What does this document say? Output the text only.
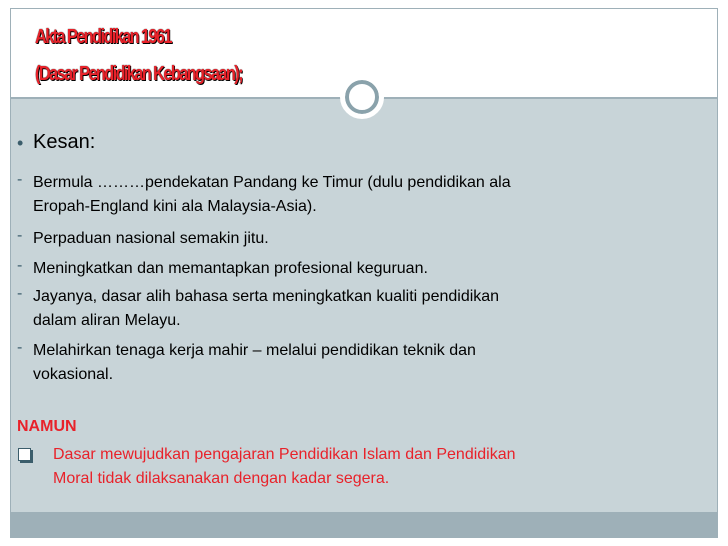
Akta Pendidikan 1961
(Dasar Pendidikan Kebangsaan);
• Kesan:
- Bermula ………pendekatan Pandang ke Timur (dulu pendidikan ala
Eropah-England kini ala Malaysia-Asia).
- Perpaduan nasional semakin jitu.
- Meningkatkan dan memantapkan profesional keguruan.
- Jayanya, dasar alih bahasa serta meningkatkan kualiti pendidikan
dalam aliran Melayu.
- Melahirkan tenaga kerja mahir – melalui pendidikan teknik dan
vokasional.
NAMUN
Dasar mewujudkan pengajaran Pendidikan Islam dan Pendidikan
Moral tidak dilaksanakan dengan kadar segera.
